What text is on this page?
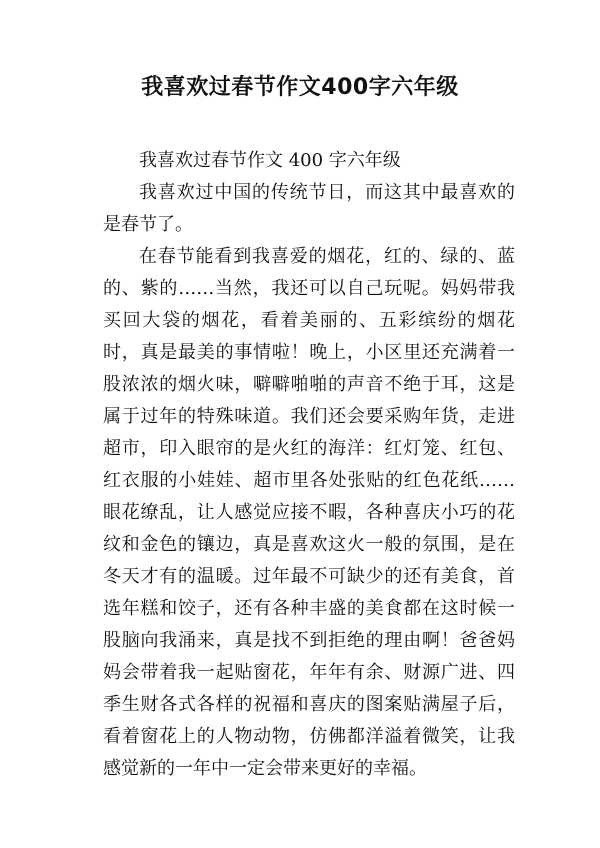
我喜欢过春节作文400字六年级

我喜欢过春节作文 400 字六年级

我喜欢过中国的传统节日，而这其中最喜欢的是春节了。

在春节能看到我喜爱的烟花，红的、绿的、蓝的、紫的……当然，我还可以自己玩呢。妈妈带我买回大袋的烟花，看着美丽的、五彩缤纷的烟花时，真是最美的事情啦！晚上，小区里还充满着一股浓浓的烟火味，噼噼啪啪的声音不绝于耳，这是属于过年的特殊味道。我们还会要采购年货，走进超市，印入眼帘的是火红的海洋：红灯笼、红包、红衣服的小娃娃、超市里各处张贴的红色花纸……眼花缭乱，让人感觉应接不暇，各种喜庆小巧的花纹和金色的镶边，真是喜欢这火一般的氛围，是在冬天才有的温暖。过年最不可缺少的还有美食，首选年糕和饺子，还有各种丰盛的美食都在这时候一股脑向我涌来，真是找不到拒绝的理由啊！爸爸妈妈会带着我一起贴窗花，年年有余、财源广进、四季生财各式各样的祝福和喜庆的图案贴满屋子后，看着窗花上的人物动物，仿佛都洋溢着微笑，让我感觉新的一年中一定会带来更好的幸福。
